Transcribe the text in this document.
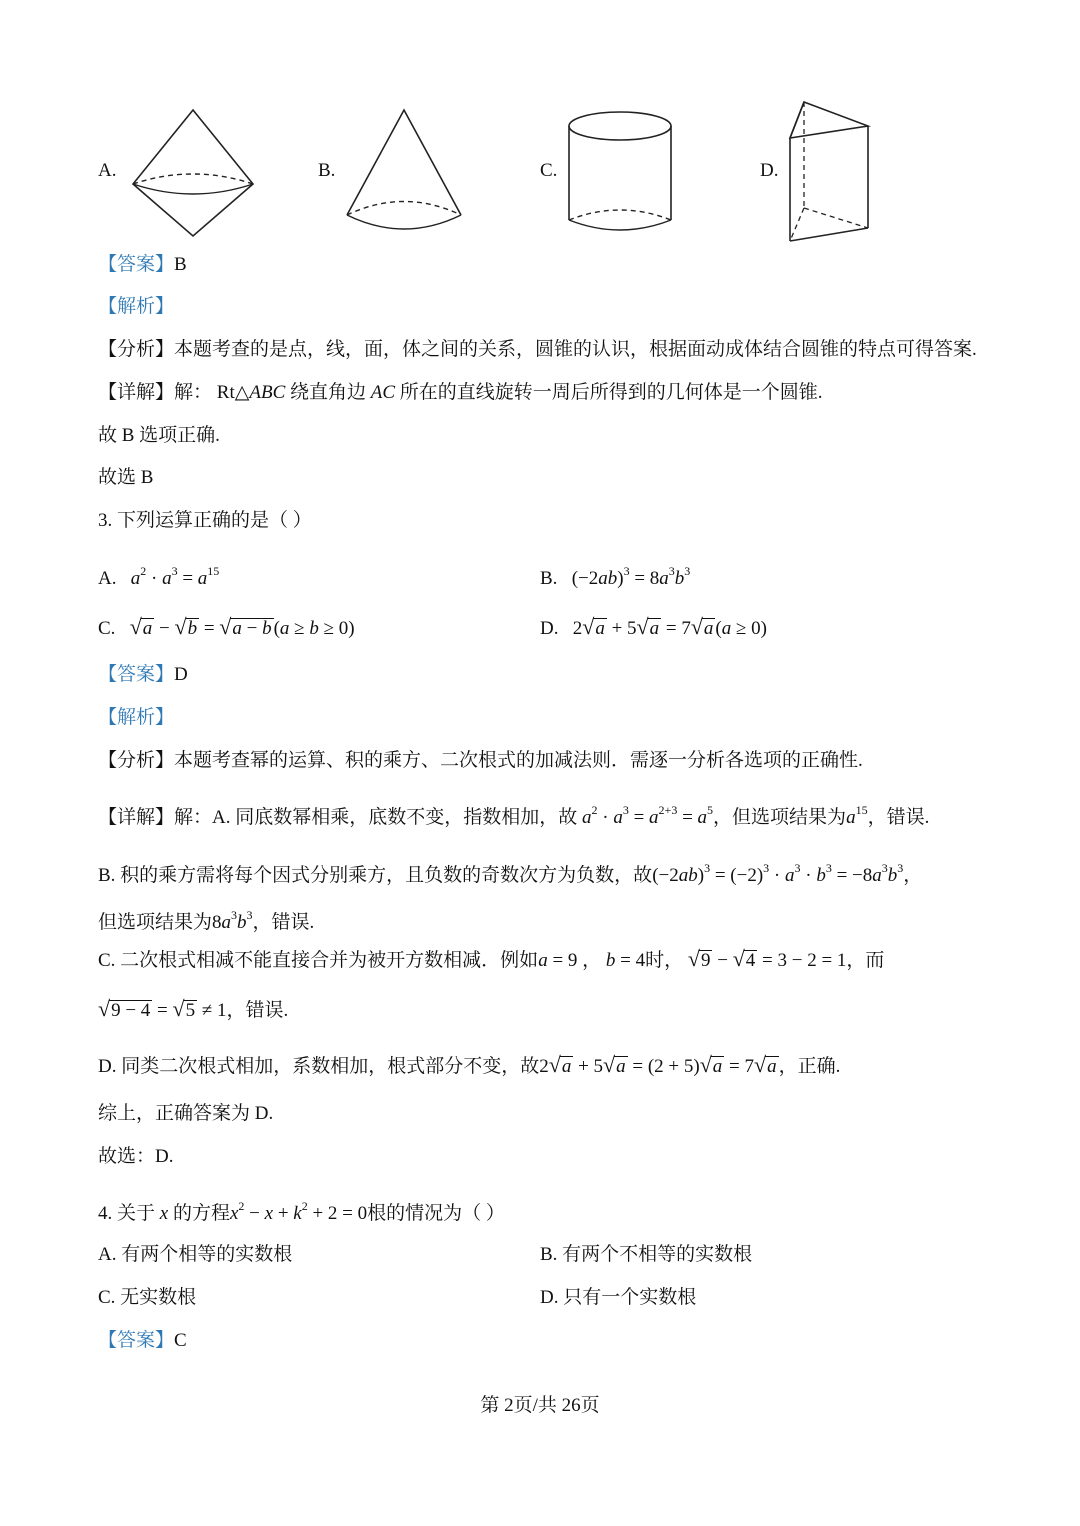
A.	B.	C.	D.
【答案】B
【解析】
【分析】本题考查的是点，线，面，体之间的关系，圆锥的认识，根据面动成体结合圆锥的特点可得答案.
【详解】解： Rt△ABC 绕直角边 AC 所在的直线旋转一周后所得到的几何体是一个圆锥.
故 B 选项正确.
故选 B
3. 下列运算正确的是（ ）
A. $a^2 \cdot a^3 = a^{15}$	B. $(-2ab)^3 = 8a^3b^3$
C. √a − √b = √a − b (a ≥ b ≥ 0)	D. 2√a + 5√a = 7√a (a ≥ 0)
【答案】D
【解析】
【分析】本题考查幂的运算、积的乘方、二次根式的加减法则．需逐一分析各选项的正确性.
【详解】解：A. 同底数幂相乘，底数不变，指数相加，故 $a^2 \cdot a^3 = a^{2+3} = a^5$，但选项结果为$a^{15}$，错误.
B. 积的乘方需将每个因式分别乘方，且负数的奇数次方为负数，故$(-2ab)^3 = (-2)^3 \cdot a^3 \cdot b^3 = -8a^3b^3$，
但选项结果为$8a^3b^3$，错误.
C. 二次根式相减不能直接合并为被开方数相减．例如a = 9 ， b = 4时， √9 − √4 = 3 − 2 = 1，而
√9 − 4 = √5 ≠ 1，错误.
D. 同类二次根式相加，系数相加，根式部分不变，故2√a + 5√a = (2 + 5)√a = 7√a ，正确.
综上，正确答案为 D.
故选：D.
4. 关于 x 的方程$x^2 - x + k^2 + 2 = 0$根的情况为（ ）
A. 有两个相等的实数根	B. 有两个不相等的实数根
C. 无实数根	D. 只有一个实数根
【答案】C
第 2页/共 26页
